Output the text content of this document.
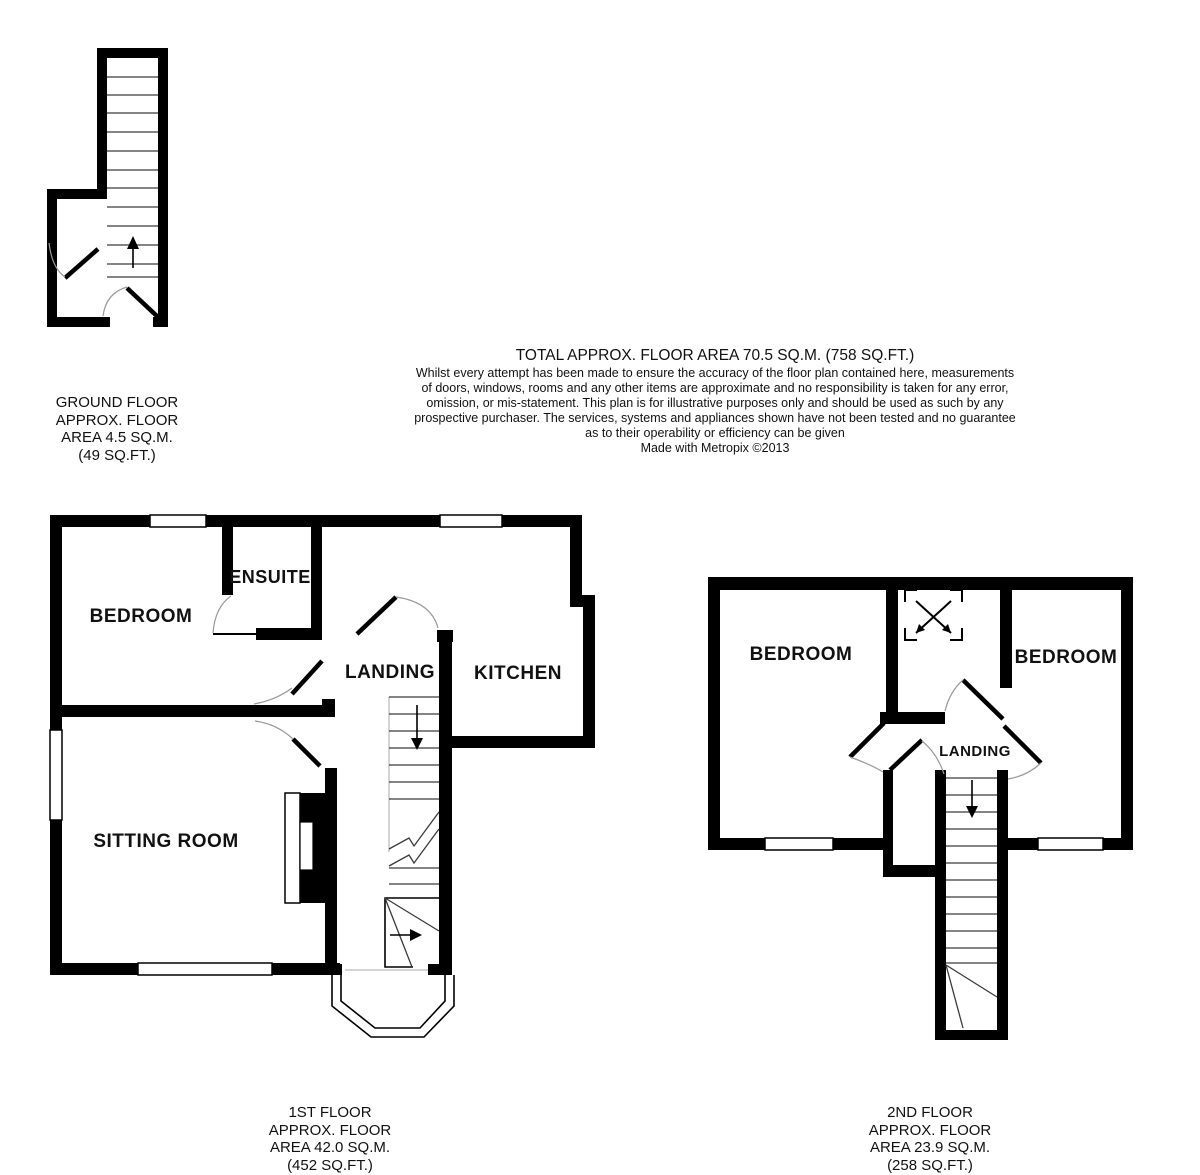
TOTAL APPROX. FLOOR AREA 70.5 SQ.M. (758 SQ.FT.)
Whilst every attempt has been made to ensure the accuracy of the floor plan contained here, measurements
of doors, windows, rooms and any other items are approximate and no responsibility is taken for any error,
omission, or mis-statement. This plan is for illustrative purposes only and should be used as such by any
prospective purchaser. The services, systems and appliances shown have not been tested and no guarantee
as to their operability or efficiency can be given
Made with Metropix ©2013
BEDROOM
ENSUITE
LANDING KITCHEN
SITTING ROOM
BEDROOM	BEDROOM
LANDING
GROUND FLOOR
APPROX. FLOOR
AREA 4.5 SQ.M.
(49 SQ.FT.)
1ST FLOOR
APPROX. FLOOR
AREA 42.0 SQ.M.
(452 SQ.FT.)
2ND FLOOR
APPROX. FLOOR
AREA 23.9 SQ.M.
(258 SQ.FT.)
